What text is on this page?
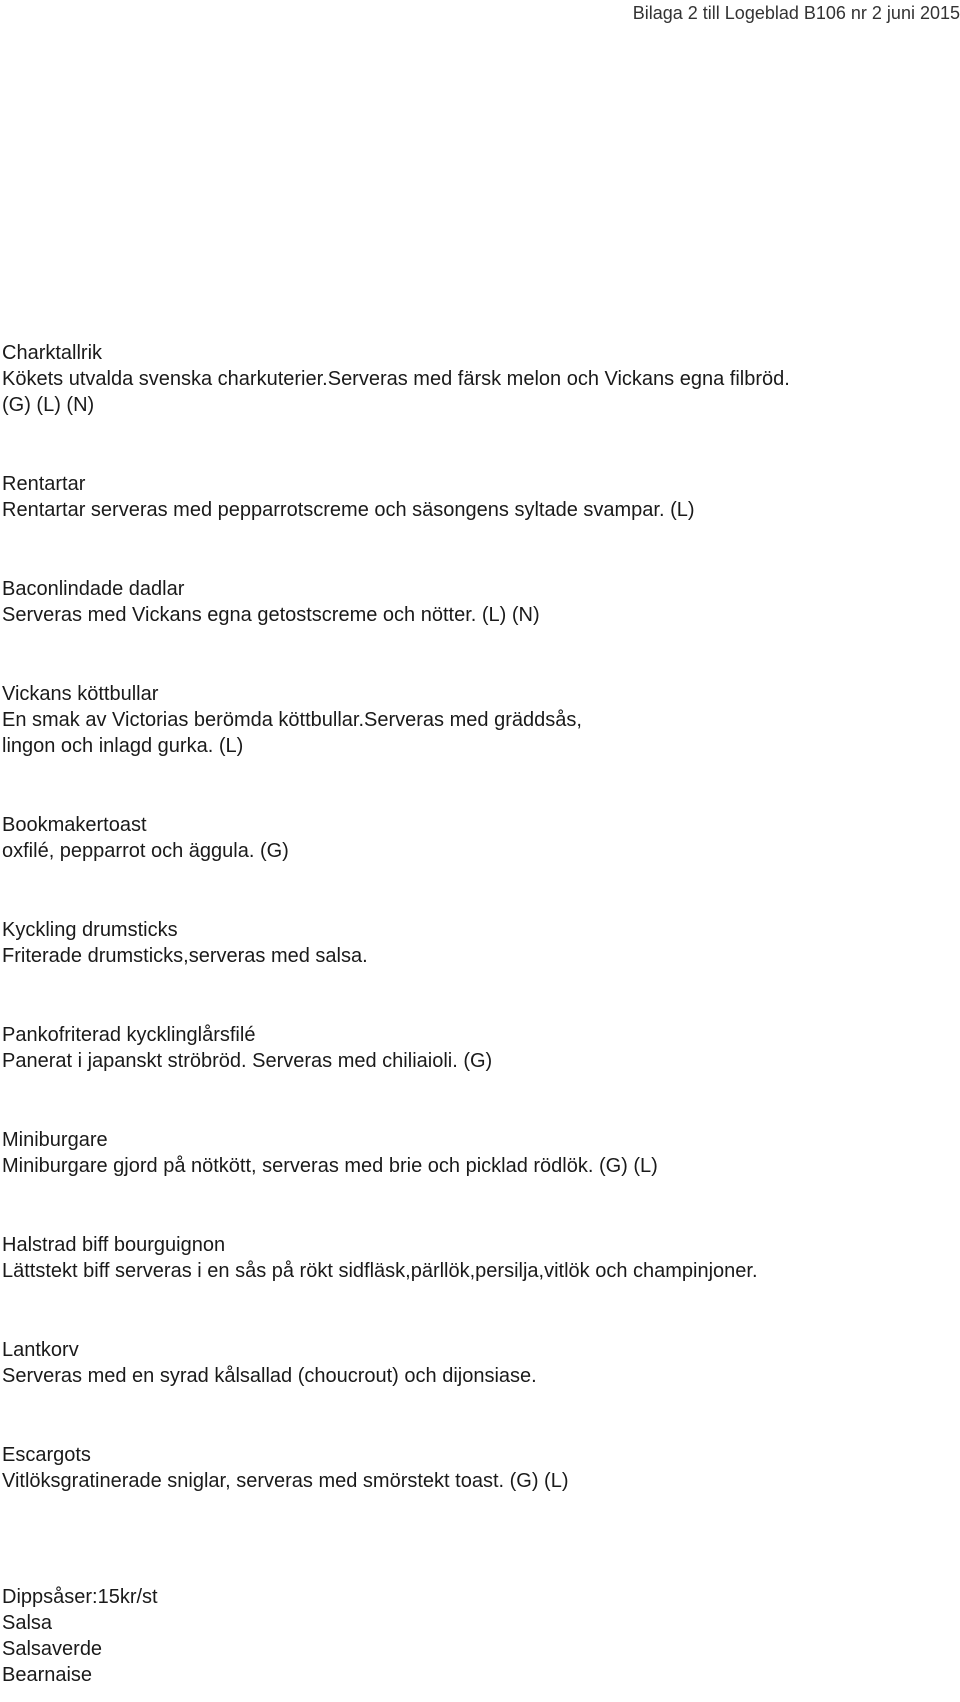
Bilaga 2 till Logeblad B106 nr 2 juni 2015

Charktallrik

Kökets utvalda svenska charkuterier.Serveras med färsk melon och Vickans egna filbröd.

(G) (L) (N)

Rentartar

Rentartar serveras med pepparrotscreme och säsongens syltade svampar. (L)

Baconlindade dadlar

Serveras med Vickans egna getostscreme och nötter. (L) (N)

Vickans köttbullar

En smak av Victorias berömda köttbullar.Serveras med gräddsås,

lingon och inlagd gurka. (L)

Bookmakertoast

oxfilé, pepparrot och äggula. (G)

Kyckling drumsticks

Friterade drumsticks,serveras med salsa.

Pankofriterad kycklinglårsfilé

Panerat i japanskt ströbröd. Serveras med chiliaioli. (G)

Miniburgare

Miniburgare gjord på nötkött, serveras med brie och picklad rödlök. (G) (L)

Halstrad biff bourguignon

Lättstekt biff serveras i en sås på rökt sidfläsk,pärllök,persilja,vitlök och champinjoner.

Lantkorv

Serveras med en syrad kålsallad (choucrout) och dijonsiase.

Escargots

Vitlöksgratinerade sniglar, serveras med smörstekt toast. (G) (L)

Dippsåser:15kr/st

Salsa

Salsaverde

Bearnaise
